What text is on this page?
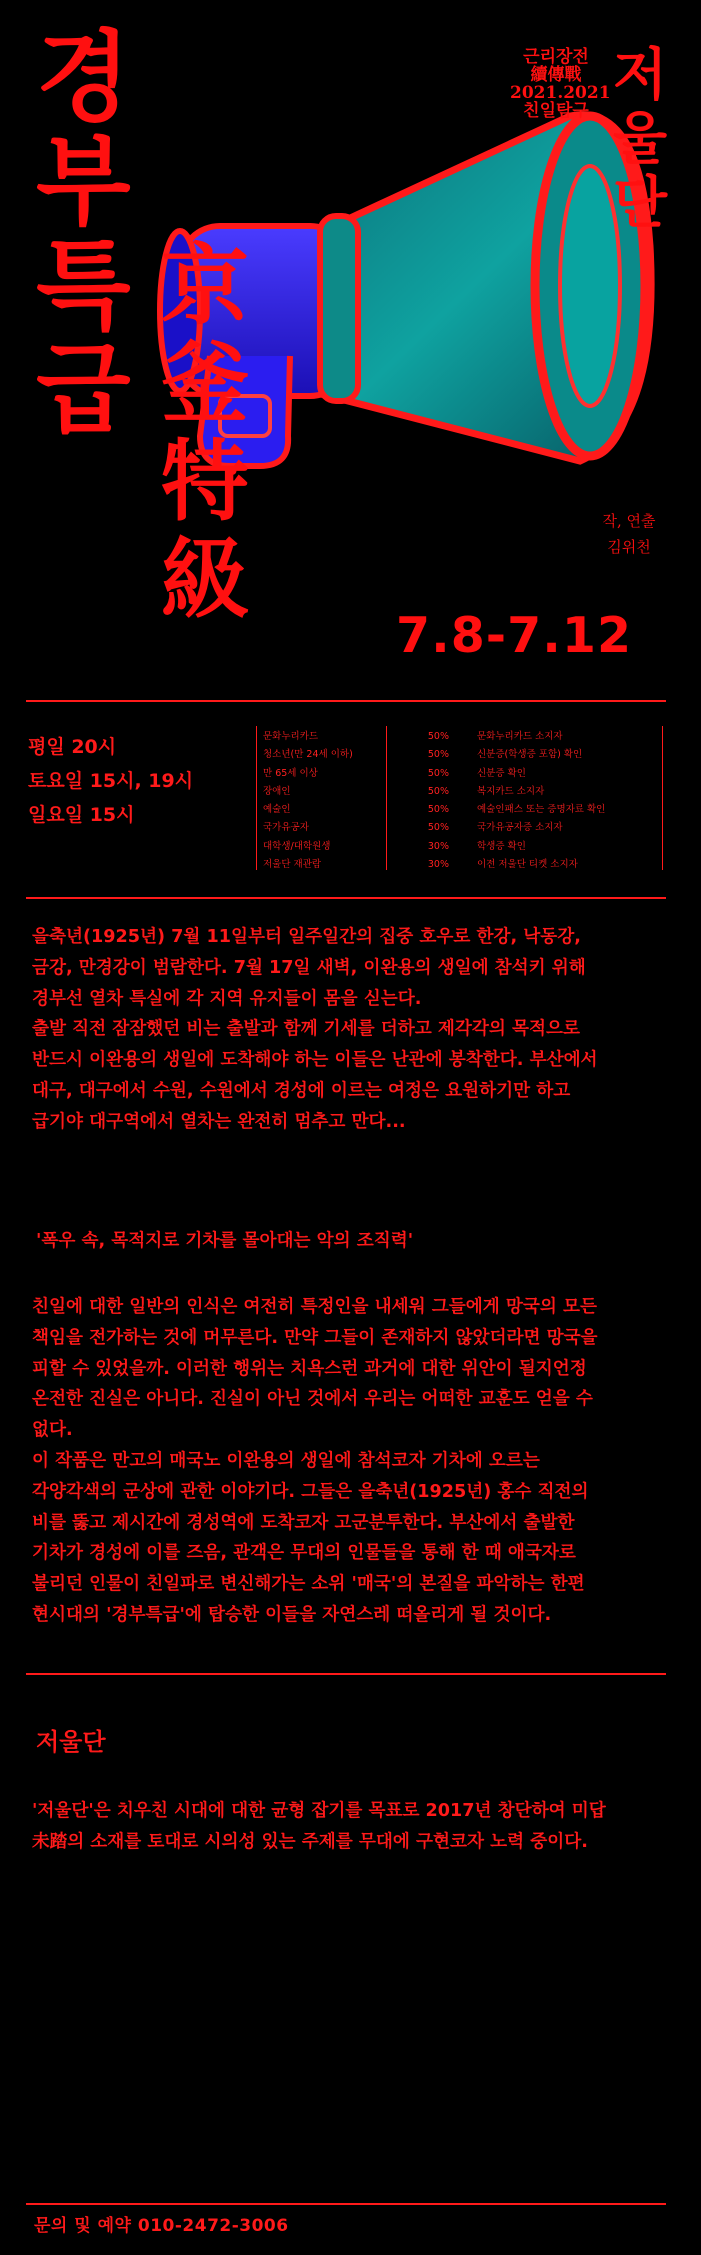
경
부
특
급
京
釜
特
級
근리장전
續傳戰
2021.2021
친일탐구
저
울
단
작, 연출
김위천
7.8-7.12
평일 20시
토요일 15시, 19시
일요일 15시
문화누리카드	50%	문화누리카드 소지자
청소년(만 24세 이하)	50%	신분증(학생증 포함) 확인
만 65세 이상	50%	신분증 확인
장애인	50%	복지카드 소지자
예술인	50%	예술인패스 또는 증명자료 확인
국가유공자	50%	국가유공자증 소지자
대학생/대학원생	30%	학생증 확인
저울단 재관람	30%	이전 저울단 티켓 소지자
을축년(1925년) 7월 11일부터 일주일간의 집중 호우로 한강, 낙동강,
금강, 만경강이 범람한다. 7월 17일 새벽, 이완용의 생일에 참석키 위해
경부선 열차 특실에 각 지역 유지들이 몸을 싣는다.
출발 직전 잠잠했던 비는 출발과 함께 기세를 더하고 제각각의 목적으로
반드시 이완용의 생일에 도착해야 하는 이들은 난관에 봉착한다. 부산에서
대구, 대구에서 수원, 수원에서 경성에 이르는 여정은 요원하기만 하고
급기야 대구역에서 열차는 완전히 멈추고 만다...
'폭우 속, 목적지로 기차를 몰아대는 악의 조직력'
친일에 대한 일반의 인식은 여전히 특정인을 내세워 그들에게 망국의 모든
책임을 전가하는 것에 머무른다. 만약 그들이 존재하지 않았더라면 망국을
피할 수 있었을까. 이러한 행위는 치욕스런 과거에 대한 위안이 될지언정
온전한 진실은 아니다. 진실이 아닌 것에서 우리는 어떠한 교훈도 얻을 수
없다.
이 작품은 만고의 매국노 이완용의 생일에 참석코자 기차에 오르는
각양각색의 군상에 관한 이야기다. 그들은 을축년(1925년) 홍수 직전의
비를 뚫고 제시간에 경성역에 도착코자 고군분투한다. 부산에서 출발한
기차가 경성에 이를 즈음, 관객은 무대의 인물들을 통해 한 때 애국자로
불리던 인물이 친일파로 변신해가는 소위 '매국'의 본질을 파악하는 한편
현시대의 '경부특급'에 탑승한 이들을 자연스레 떠올리게 될 것이다.
저울단
'저울단'은 치우친 시대에 대한 균형 잡기를 목표로 2017년 창단하여 미답
未踏의 소재를 토대로 시의성 있는 주제를 무대에 구현코자 노력 중이다.
문의 및 예약 010-2472-3006
